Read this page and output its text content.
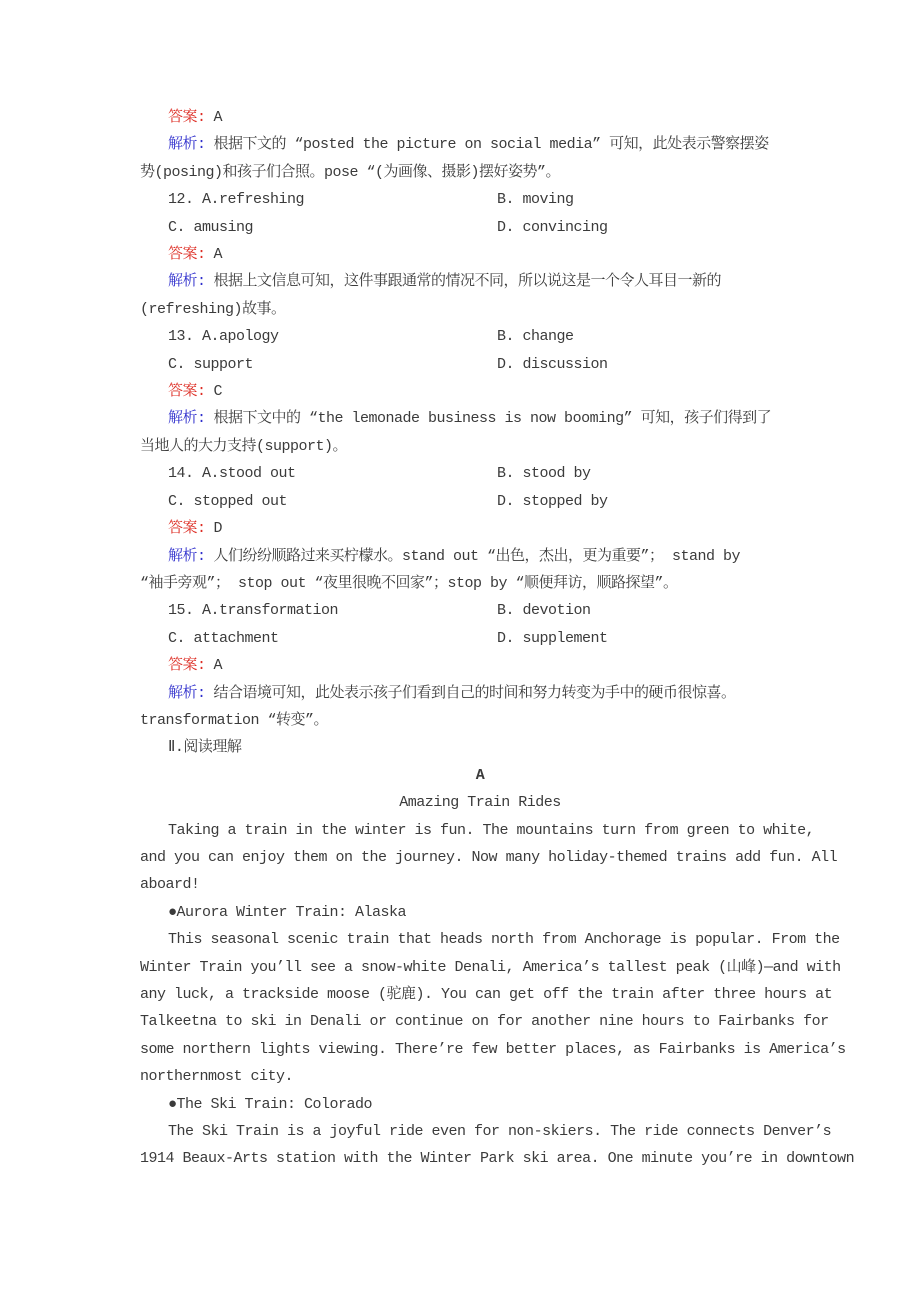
答案: A
解析: 根据下文的 “posted the picture on social media” 可知，此处表示警察摆姿
势(posing)和孩子们合照。pose “(为画像、摄影)摆好姿势”。
12. A.refreshing	B. moving
C. amusing	D. convincing
答案: A
解析: 根据上文信息可知，这件事跟通常的情况不同，所以说这是一个令人耳目一新的
(refreshing)故事。
13. A.apology	B. change
C. support	D. discussion
答案: C
解析: 根据下文中的 “the lemonade business is now booming” 可知，孩子们得到了
当地人的大力支持(support)。
14. A.stood out	B. stood by
C. stopped out	D. stopped by
答案: D
解析: 人们纷纷顺路过来买柠檬水。stand out “出色，杰出，更为重要”； stand by
“袖手旁观”； stop out “夜里很晚不回家”；stop by “顺便拜访，顺路探望”。
15. A.transformation	B. devotion
C. attachment	D. supplement
答案: A
解析: 结合语境可知，此处表示孩子们看到自己的时间和努力转变为手中的硬币很惊喜。
transformation “转变”。
Ⅱ.阅读理解
A
Amazing Train Rides
Taking a train in the winter is fun. The mountains turn from green to white,
and you can enjoy them on the journey. Now many holiday-themed trains add fun. All
aboard!
●Aurora Winter Train: Alaska
This seasonal scenic train that heads north from Anchorage is popular. From the
Winter Train you’ll see a snow-white Denali, America’s tallest peak (山峰)—and with
any luck, a trackside moose (驼鹿). You can get off the train after three hours at
Talkeetna to ski in Denali or continue on for another nine hours to Fairbanks for
some northern lights viewing. There’re few better places, as Fairbanks is America’s
northernmost city.
●The Ski Train: Colorado
The Ski Train is a joyful ride even for non-skiers. The ride connects Denver’s
1914 Beaux-Arts station with the Winter Park ski area. One minute you’re in downtown
